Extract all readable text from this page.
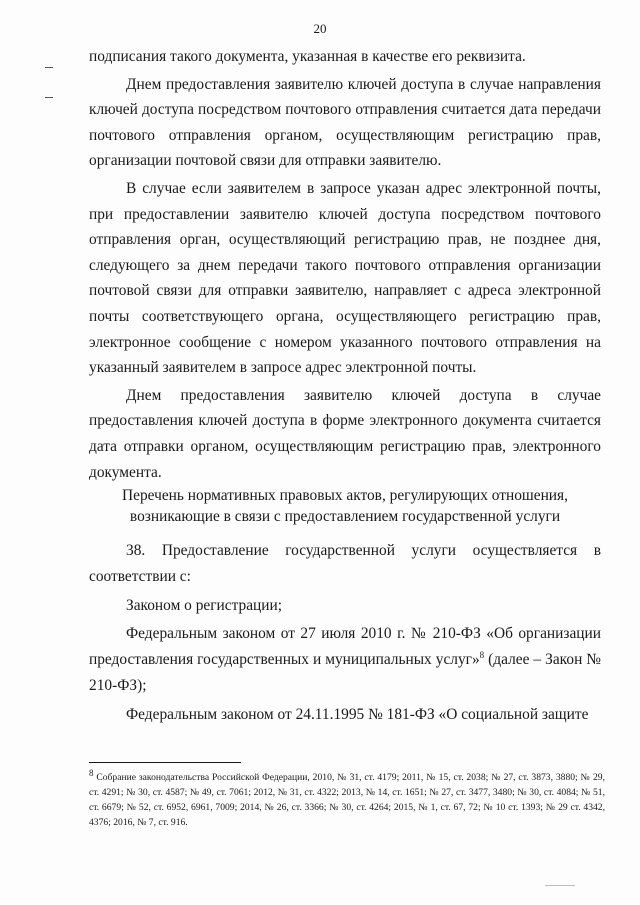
20

подписания такого документа, указанная в качестве его реквизита.

Днем предоставления заявителю ключей доступа в случае направления ключей доступа посредством почтового отправления считается дата передачи почтового отправления органом, осуществляющим регистрацию прав, организации почтовой связи для отправки заявителю.

В случае если заявителем в запросе указан адрес электронной почты, при предоставлении заявителю ключей доступа посредством почтового отправления орган, осуществляющий регистрацию прав, не позднее дня, следующего за днем передачи такого почтового отправления организации почтовой связи для отправки заявителю, направляет с адреса электронной почты соответствующего органа, осуществляющего регистрацию прав, электронное сообщение с номером указанного почтового отправления на указанный заявителем в запросе адрес электронной почты.

Днем предоставления заявителю ключей доступа в случае предоставления ключей доступа в форме электронного документа считается дата отправки органом, осуществляющим регистрацию прав, электронного документа.

Перечень нормативных правовых актов, регулирующих отношения,
возникающие в связи с предоставлением государственной услуги

38. Предоставление государственной услуги осуществляется в соответствии с:

Законом о регистрации;

Федеральным законом от 27 июля 2010 г. № 210-ФЗ «Об организации предоставления государственных и муниципальных услуг»$^8$ (далее – Закон № 210-ФЗ);

Федеральным законом от 24.11.1995 № 181-ФЗ «О социальной защите

$^8$ Собрание законодательства Российской Федерации, 2010, № 31, ст. 4179; 2011, № 15, ст. 2038; № 27, ст. 3873, 3880; № 29, ст. 4291; № 30, ст. 4587; № 49, ст. 7061; 2012, № 31, ст. 4322; 2013, № 14, ст. 1651; № 27, ст. 3477, 3480; № 30, ст. 4084; № 51, ст. 6679; № 52, ст. 6952, 6961, 7009; 2014, № 26, ст. 3366; № 30, ст. 4264; 2015, № 1, ст. 67, 72; № 10 ст. 1393; № 29 ст. 4342, 4376; 2016, № 7, ст. 916.
